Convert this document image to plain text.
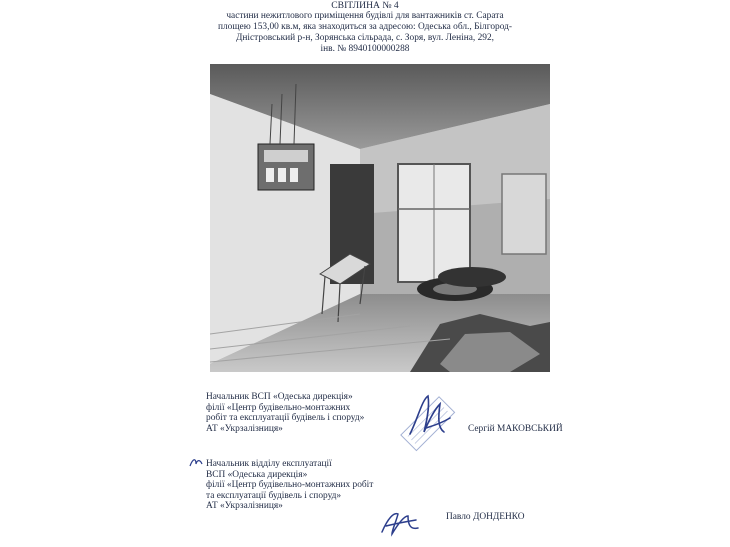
СВІТЛИНА № 4
частини нежитлового приміщення будівлі для вантажників ст. Сарата
площею 153,00 кв.м, яка знаходиться за адресою: Одеська обл., Білгород-
Дністровський р-н, Зорянська сільрада, с. Зоря, вул. Леніна, 292,
інв. № 8940100000288
Начальник ВСП «Одеська дирекція»
філії «Центр будівельно-монтажних
робіт та експлуатації будівель і споруд»
АТ «Укрзалізниця»	Сергій МАКОВСЬКИЙ
Начальник відділу експлуатації
ВСП «Одеська дирекція»
філії «Центр будівельно-монтажних робіт
та експлуатації будівель і споруд»
АТ «Укрзалізниця»
Павло ДОНДЕНКО
